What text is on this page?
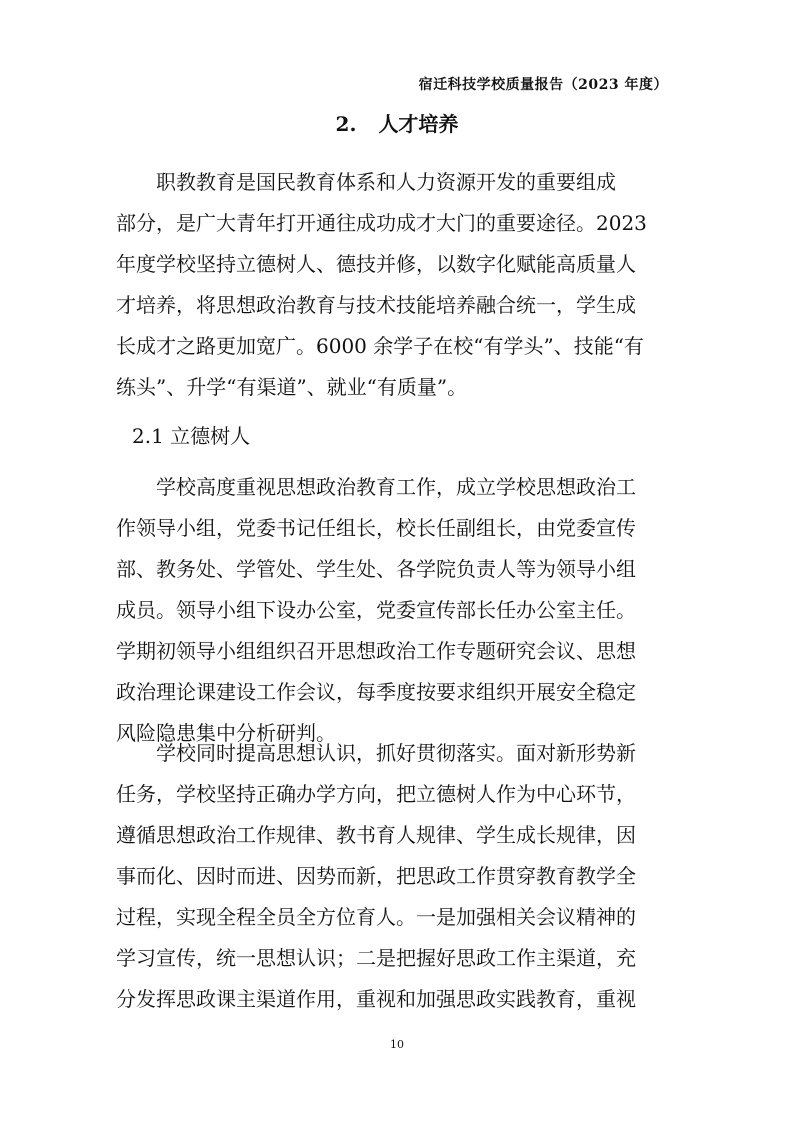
宿迁科技学校质量报告（2023 年度）
2. 人才培养
　　职教教育是国民教育体系和人力资源开发的重要组成
部分，是广大青年打开通往成功成才大门的重要途径。2023
年度学校坚持立德树人、德技并修，以数字化赋能高质量人
才培养，将思想政治教育与技术技能培养融合统一，学生成
长成才之路更加宽广。6000 余学子在校“有学头”、技能“有
练头”、升学“有渠道”、就业“有质量”。
2.1 立德树人
　　学校高度重视思想政治教育工作，成立学校思想政治工
作领导小组，党委书记任组长，校长任副组长，由党委宣传
部、教务处、学管处、学生处、各学院负责人等为领导小组
成员。领导小组下设办公室，党委宣传部长任办公室主任。
学期初领导小组组织召开思想政治工作专题研究会议、思想
政治理论课建设工作会议，每季度按要求组织开展安全稳定
风险隐患集中分析研判。
　　学校同时提高思想认识，抓好贯彻落实。面对新形势新
任务，学校坚持正确办学方向，把立德树人作为中心环节，
遵循思想政治工作规律、教书育人规律、学生成长规律，因
事而化、因时而进、因势而新，把思政工作贯穿教育教学全
过程，实现全程全员全方位育人。一是加强相关会议精神的
学习宣传，统一思想认识；二是把握好思政工作主渠道，充
分发挥思政课主渠道作用，重视和加强思政实践教育，重视
10
